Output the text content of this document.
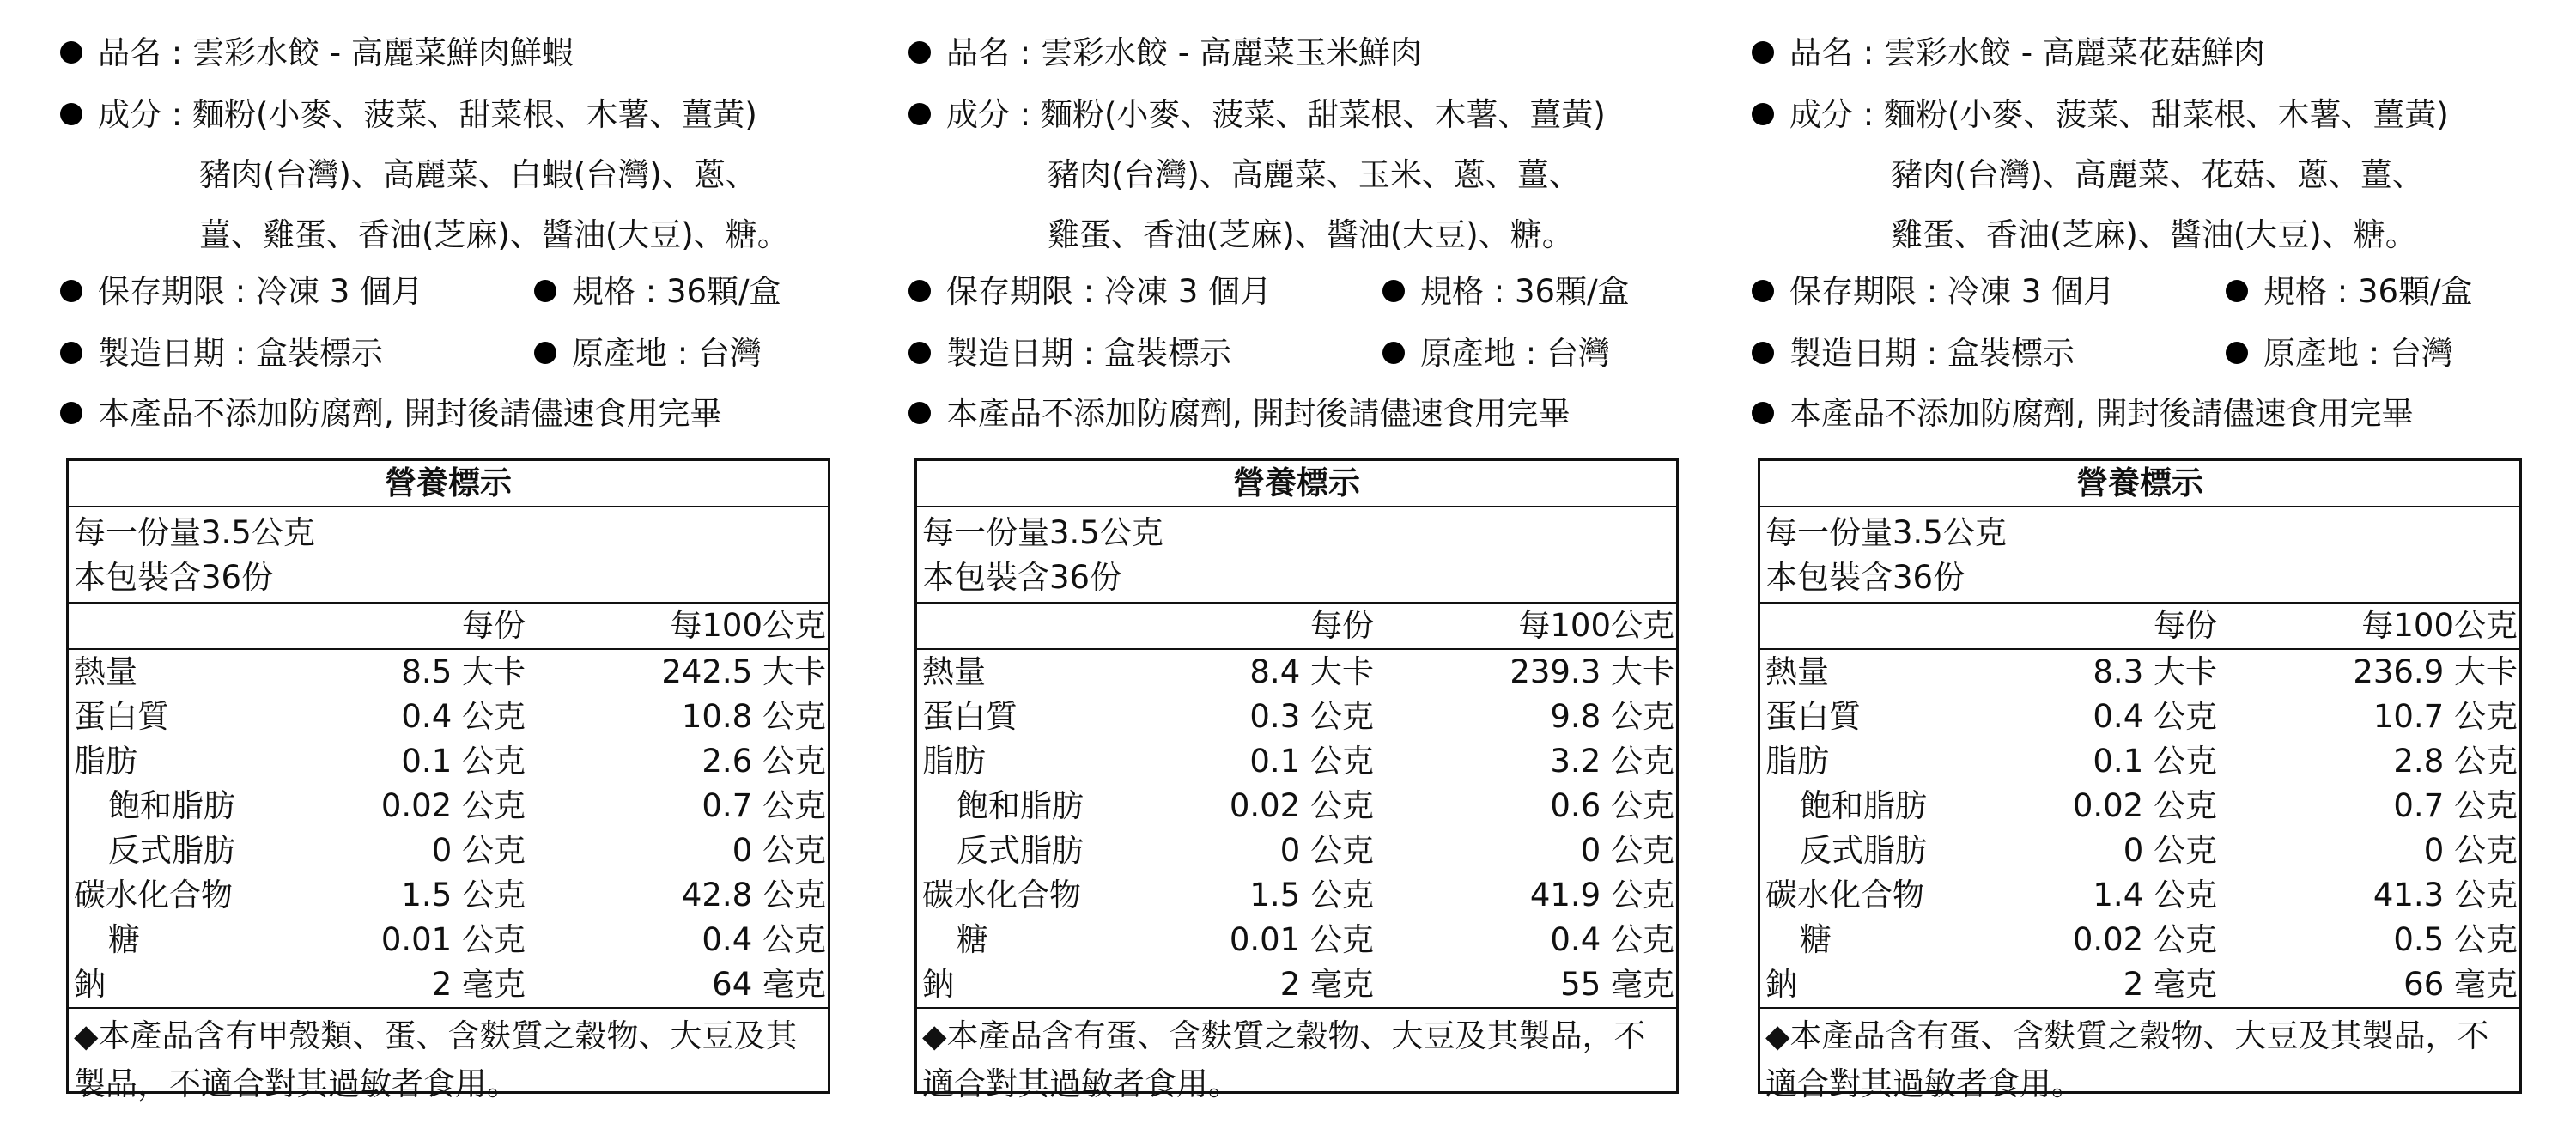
品名 : 雲彩水餃 - 高麗菜鮮肉鮮蝦
成分 : 麵粉(小麥、菠菜、甜菜根、木薯、薑黃)
豬肉(台灣)、高麗菜、白蝦(台灣)、蔥、
薑、雞蛋、香油(芝麻)、醬油(大豆)、糖。
保存期限 : 冷凍 3 個月	規格 : 36顆/盒
製造日期 : 盒裝標示	原產地 : 台灣
本產品不添加防腐劑, 開封後請儘速食用完畢
營養標示
每一份量3.5公克
本包裝含36份
每份	每100公克
熱量	8.5 大卡	242.5 大卡
蛋白質	0.4 公克	10.8 公克
脂肪	0.1 公克	2.6 公克
飽和脂肪	0.02 公克	0.7 公克
反式脂肪	0 公克	0 公克
碳水化合物	1.5 公克	42.8 公克
糖	0.01 公克	0.4 公克
鈉	2 毫克	64 毫克
◆本產品含有甲殼類、蛋、含麩質之穀物、大豆及其
製品，不適合對其過敏者食用。
品名 : 雲彩水餃 - 高麗菜玉米鮮肉
成分 : 麵粉(小麥、菠菜、甜菜根、木薯、薑黃)
豬肉(台灣)、高麗菜、玉米、蔥、薑、
雞蛋、香油(芝麻)、醬油(大豆)、糖。
保存期限 : 冷凍 3 個月	規格 : 36顆/盒
製造日期 : 盒裝標示	原產地 : 台灣
本產品不添加防腐劑, 開封後請儘速食用完畢
營養標示
每一份量3.5公克
本包裝含36份
每份	每100公克
熱量	8.4 大卡	239.3 大卡
蛋白質	0.3 公克	9.8 公克
脂肪	0.1 公克	3.2 公克
飽和脂肪	0.02 公克	0.6 公克
反式脂肪	0 公克	0 公克
碳水化合物	1.5 公克	41.9 公克
糖	0.01 公克	0.4 公克
鈉	2 毫克	55 毫克
◆本產品含有蛋、含麩質之穀物、大豆及其製品，不
適合對其過敏者食用。
品名 : 雲彩水餃 - 高麗菜花菇鮮肉
成分 : 麵粉(小麥、菠菜、甜菜根、木薯、薑黃)
豬肉(台灣)、高麗菜、花菇、蔥、薑、
雞蛋、香油(芝麻)、醬油(大豆)、糖。
保存期限 : 冷凍 3 個月	規格 : 36顆/盒
製造日期 : 盒裝標示	原產地 : 台灣
本產品不添加防腐劑, 開封後請儘速食用完畢
營養標示
每一份量3.5公克
本包裝含36份
每份	每100公克
熱量	8.3 大卡	236.9 大卡
蛋白質	0.4 公克	10.7 公克
脂肪	0.1 公克	2.8 公克
飽和脂肪	0.02 公克	0.7 公克
反式脂肪	0 公克	0 公克
碳水化合物	1.4 公克	41.3 公克
糖	0.02 公克	0.5 公克
鈉	2 毫克	66 毫克
◆本產品含有蛋、含麩質之穀物、大豆及其製品，不
適合對其過敏者食用。
